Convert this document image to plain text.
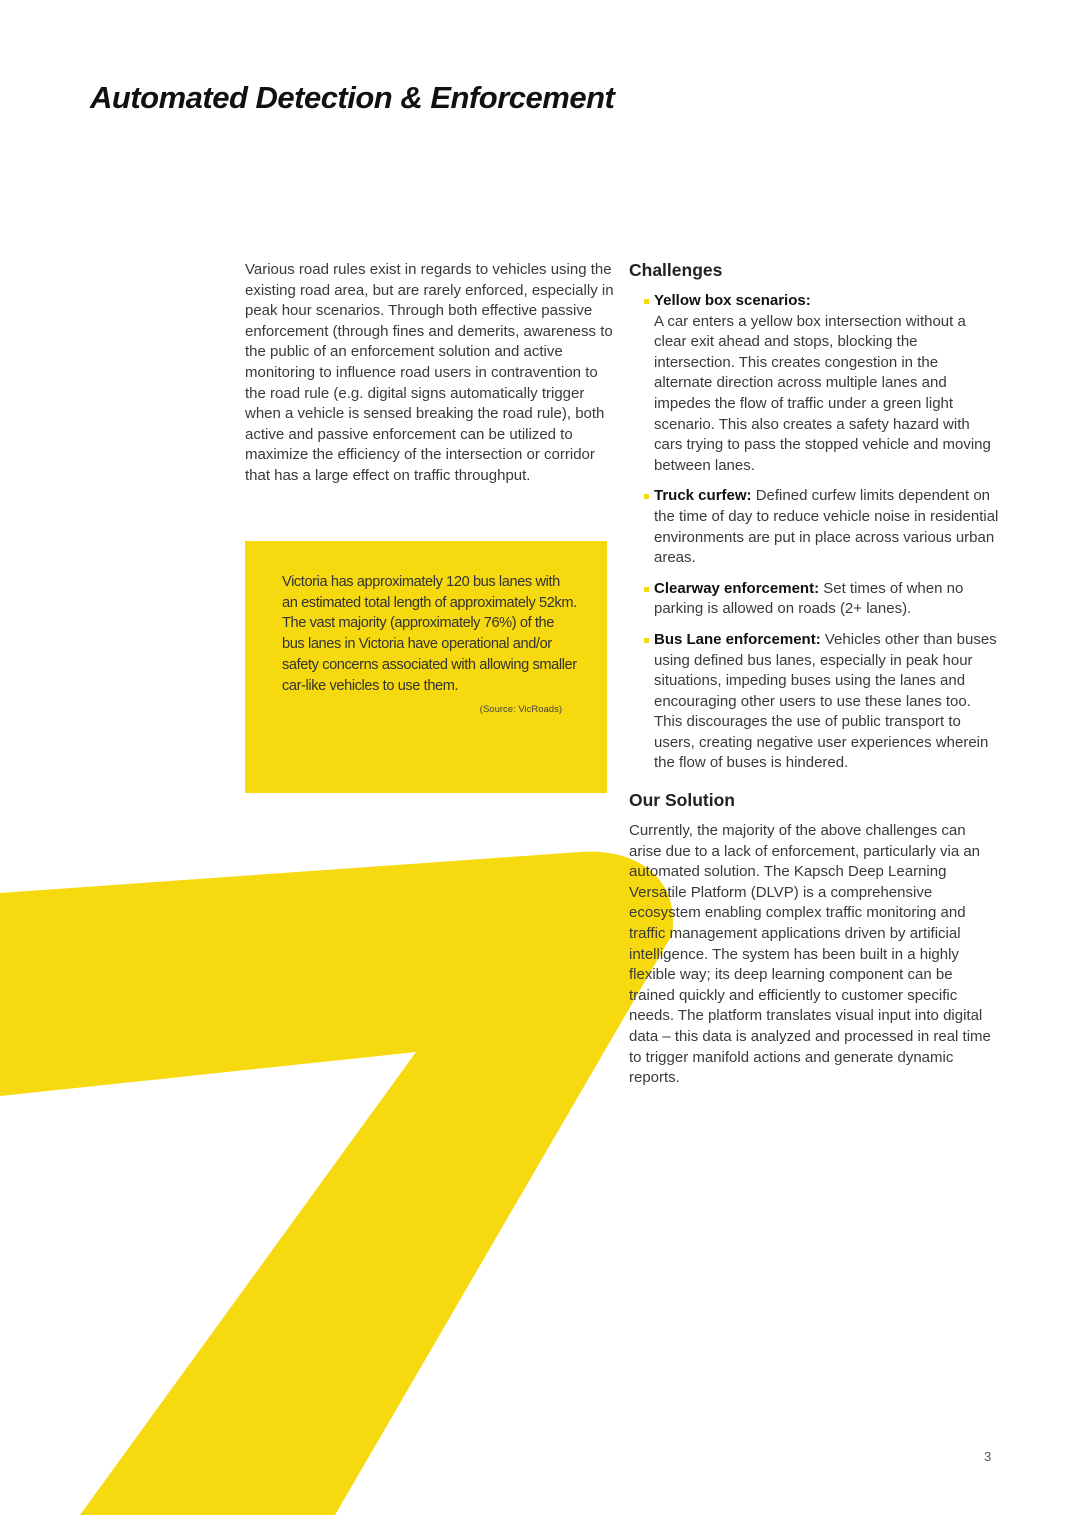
Automated Detection & Enforcement

Various road rules exist in regards to vehicles using the existing road area, but are rarely enforced, especially in peak hour scenarios. Through both effective passive enforcement (through fines and demerits, awareness to the public of an enforcement solution and active monitoring to influence road users in contravention to the road rule (e.g. digital signs automatically trigger when a vehicle is sensed breaking the road rule), both active and passive enforcement can be utilized to maximize the efficiency of the intersection or corridor that has a large effect on traffic throughput.

Victoria has approximately 120 bus lanes with an estimated total length of approximately 52km.

The vast majority (approximately 76%) of the bus lanes in Victoria have operational and/or safety concerns associated with allowing smaller car-like vehicles to use them.

(Source: VicRoads)
Challenges
Yellow box scenarios:
A car enters a yellow box intersection without a clear exit ahead and stops, blocking the intersection. This creates congestion in the alternate direction across multiple lanes and impedes the flow of traffic under a green light scenario. This also creates a safety hazard with cars trying to pass the stopped vehicle and moving between lanes.
Truck curfew: Defined curfew limits dependent on the time of day to reduce vehicle noise in residential environments are put in place across various urban areas.
Clearway enforcement: Set times of when no parking is allowed on roads (2+ lanes).
Bus Lane enforcement: Vehicles other than buses using defined bus lanes, especially in peak hour situations, impeding buses using the lanes and encouraging other users to use these lanes too. This discourages the use of public transport to users, creating negative user experiences wherein the flow of buses is hindered.
Our Solution

Currently, the majority of the above challenges can arise due to a lack of enforcement, particularly via an automated solution. The Kapsch Deep Learning Versatile Platform (DLVP) is a comprehensive ecosystem enabling complex traffic monitoring and traffic management applications driven by artificial intelligence. The system has been built in a highly flexible way; its deep learning component can be trained quickly and efficiently to customer specific needs. The platform translates visual input into digital data – this data is analyzed and processed in real time to trigger manifold actions and generate dynamic reports.

3
